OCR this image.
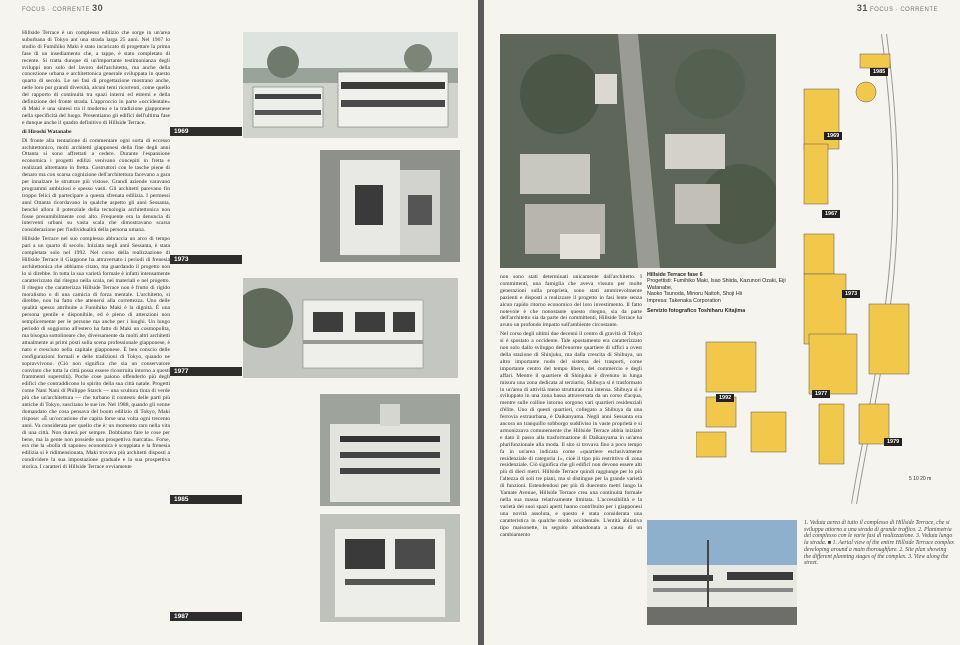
FOCUS · CORRENTE 30

Hillside Terrace è un complesso edilizio che sorge in un'area suburbana di Tokyo ant una strada larga 25 anni. Nel 1967 lo studio di Fumihiko Maki è stato incaricato di progettare la prima fase di un insediamento che, a tappe, è stato completato di recente. Si tratta dunque di un'importante testimonianza degli sviluppi non solo del lavoro dell'architetto, ma anche della concezione urbana e architettonica generale sviluppata in questo quarto di secolo. Le sei fasi di progettazione mostrano anche, nelle loro pur grandi diversità, alcuni temi ricorrenti, come quello del rapporto di continuità tra spazi interni ed esterni e della definizione del fronte strada. L'approccio in parte «occidentale» di Maki è una sintesi tra il moderno e la tradizione giapponese nella specificità del luogo. Presentiamo gli edifici dell'ultima fase e dunque anche il quadro definitivo di Hillside Terrace.

di Hiroshi Watanabe

Di fronte alla tentazione di commentare ogni sorta di eccesso architettonico, molti architetti giapponesi della fine degli anni Ottanta si sono affrettati a cedere. Durante l'espansione economica i progetti edilizi venivano concepiti in fretta e realizzati altrettanto in fretta. Costruttori con le tasche piene di denaro ma con scarsa cognizione dell'architettura facevano a gara per innalzare le strutture più vistose. Grandi aziende varavano programmi ambiziosi e spesso vasti. Gli architetti parevano fin troppo felici di partecipare a questa sfrenata edilizia. I permessi anni Ottanta ricordavano in qualche aspetto gli anni Sessanta, benché allora il potenziale della tecnologia architettonica non fosse presumibilmente così alto. Frequente era la denuncia di interventi urbani su vasta scala che dimostravano scarsa considerazione per l'individualità della persona umana.

Hillside Terrace nel suo complesso abbraccia un arco di tempo pari a un quarto di secolo. Iniziata negli anni Sessanta, è stata completata solo nel 1992. Nel corso della realizzazione di Hillside Terrace il Giappone ha attraversato i periodi di frenesia architettonica che abbiamo citato, ma guardando il progetto non lo si direbbe. In tutta la sua varietà formale è infatti intensamente caratterizzato dal ritegno nella scala, nei materiali e nel progetto. Il ritegno che caratterizza Hillside Terrace non è frutto di rigido moralismo o di una camicia di forza mentale. L'architetto, si direbbe, non ha fatto che attenersi alla correttezza. Uno delle qualità spesso attribuite a Fumihiko Maki è la dignità. È una persona gentile e disponibile, ed è pieno di attenzioni non semplicemente per le persone ma anche per i luoghi. Un lungo periodo di soggiorno all'estero ha fatto di Maki un cosmopolita, ma bisogna sottolineare che, diversamente da molti altri architetti attualmente ai primi posti sulla scena professionale giapponese, è nato e cresciuto nella capitale giapponese. È ben conscio delle configurazioni formali e delle tradizioni di Tokyo, quando ne sopravvivono. (Ciò non significa che sia un conservatore convinto che tutta la città possa essere ricostruita intorno a questi frammenti superstiti). Poche cose paiono offenderlo più degli edifici che contraddicono lo spirito della sua città natale. Progetti come Nani Nani di Philippe Starck — una scultura tinta di verde più che un'architettura — che turbano il contesto delle parti più antiche di Tokyo, suscitano le sue ire. Nel 1988, quando gli venne domandato che cosa pensava del boom edilizio di Tokyo, Maki rispose: «È un'occasione che capita forse una volta ogni trecento anni. Va considerata per quello che è: un momento raro nella vita di una città. Non durerà per sempre. Dobbiamo fare le cose per bene, ma la gente non possiede una prospettiva marcata». Forse, era che la «bolla di sapone» economica è scoppiata e la frenesia edilizia si è ridimensionata, Maki trovava più architetti disposti a condividere la sua impostazione graduale e la sua prospettiva storica. I caratteri di Hillside Terrace ovviamente

1969
1973
1977
1985
1987
31 FOCUS · CORRENTE
1985
1969
1967
1973
1977
1979
1992
5 10 20 m
Hillside Terrace fase 6
Progettisti: Fumihiko Maki, Isao Shiida, Kazunori Ozaki, Eiji Watanabe,
Naoko Tsunoda, Minoru Naitoh, Shoji Hii
Impresa: Takenaka Corporation
Servizio fotografico Toshiharu Kitajima

non sono stati determinati unicamente dall'architetto. I committenti, una famiglia che aveva vissuto per molte generazioni sulla proprietà, sono stati ammirevolmente pazienti e disposti a realizzare il progetto in fasi lente senza alcun rapido ritorno economico del loro investimento. Il fatto notevole è che nonostante questo ritegno, sia da parte dell'architetto sia da parte dei committenti, Hillside Terrace ha avuto un profondo impatto sull'ambiente circostante.

Nel corso degli ultimi due decenni il centro di gravità di Tokyo si è spostato a occidente. Tale spostamento era caratterizzato non solo dallo sviluppo dell'enorme quartiere di uffici a ovest della stazione di Shinjuku, ma dalla crescita di Shibuya, un altro importante nodo del sistema dei trasporti, come importante centro del tempo libero, del commercio e degli affari. Mentre il quartiere di Shinjuku è divenuto in lunga misura una zona dedicata al terziario, Shibuya si è trasformato in un'area di attività meno strutturata ma intensa. Shibuya si è sviluppato in una zona bassa attraversata da un corso d'acqua, mentre sulle colline intorno sorgono vari quartieri residenziali d'élite. Uno di questi quartieri, collegato a Shibuya da una ferrovia extraurbana, è Daikanyama. Negli anni Sessanta era ancora un tranquillo sobborgo suddiviso in vaste proprietà e si armonizzava comunemente che Hillside Terrace abbia iniziato e dato il passo alla trasformazione di Daikanyama in un'area plurifunzionale alla moda. Il sito si trovava fino a poco tempo fa in un'area indicata come «quartiere esclusivamente residenziale di categoria 1», cioè il tipo più restrittivo di zona residenziale. Ciò significa che gli edifici non devono essere alti più di dieci metri. Hillside Terrace quindi raggiunge per lo più l'altezza di soli tre piani, ma si distingue per la grande varietà di funzioni. Estendendosi per più di duecento metri lungo la Yamate Avenue, Hillside Terrace crea una continuità formale nella sua massa relativamente limitata. L'accessibilità e la varietà dei suoi spazi aperti hanno contribuito per i giapponesi una novità assoluta, e questo è stata considerata una caratteristica in qualche modo occidentale. L'entità abitativa tipo maisonette, in seguito abbandonata a causa di un cambiamento

1. Veduta aerea di tutto il complesso di Hillside Terrace, che si sviluppa attorno a una strada di grande traffico. 2. Planimetria del complesso con le varie fasi di realizzazione. 3. Veduta lungo la strada. ■ 1. Aerial view of the entire Hillside Terrace complex developing around a main thoroughfare. 2. Site plan showing the different planning stages of the complex. 3. View along the street.
